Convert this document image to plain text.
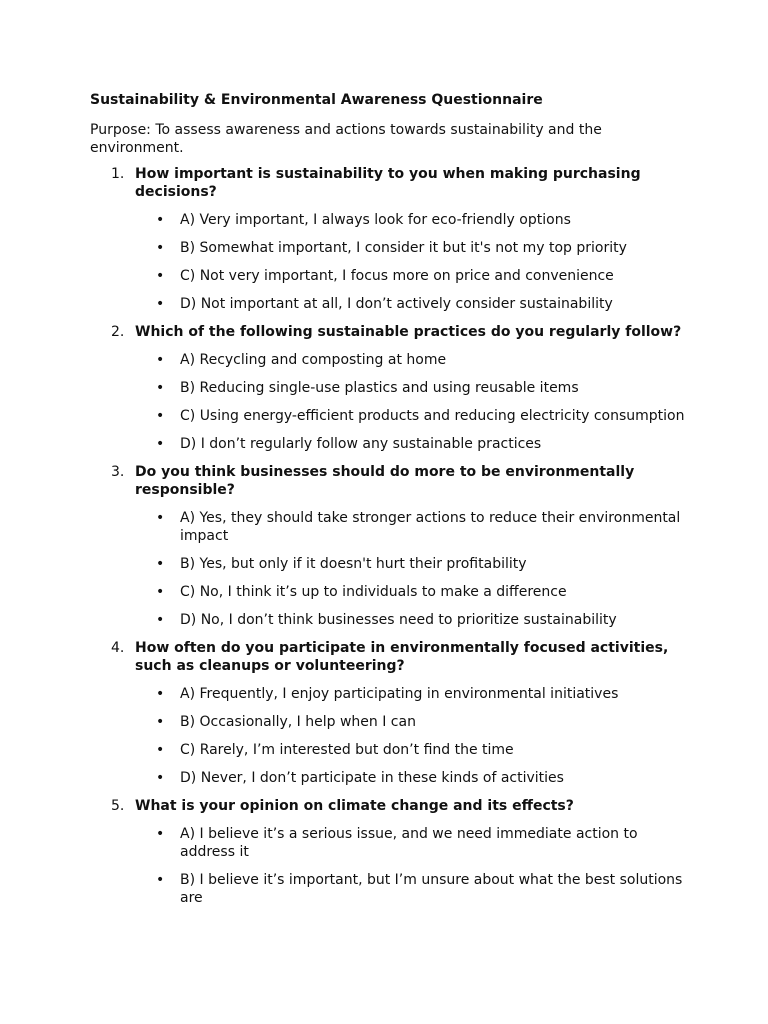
Sustainability & Environmental Awareness Questionnaire
Purpose: To assess awareness and actions towards sustainability and the environment.
1. How important is sustainability to you when making purchasing decisions?
• A) Very important, I always look for eco-friendly options
• B) Somewhat important, I consider it but it's not my top priority
• C) Not very important, I focus more on price and convenience
• D) Not important at all, I don’t actively consider sustainability
2. Which of the following sustainable practices do you regularly follow?
• A) Recycling and composting at home
• B) Reducing single-use plastics and using reusable items
• C) Using energy-efficient products and reducing electricity consumption
• D) I don’t regularly follow any sustainable practices
3. Do you think businesses should do more to be environmentally responsible?
• A) Yes, they should take stronger actions to reduce their environmental impact
• B) Yes, but only if it doesn't hurt their profitability
• C) No, I think it’s up to individuals to make a difference
• D) No, I don’t think businesses need to prioritize sustainability
4. How often do you participate in environmentally focused activities, such as cleanups or volunteering?
• A) Frequently, I enjoy participating in environmental initiatives
• B) Occasionally, I help when I can
• C) Rarely, I’m interested but don’t find the time
• D) Never, I don’t participate in these kinds of activities
5. What is your opinion on climate change and its effects?
• A) I believe it’s a serious issue, and we need immediate action to address it
• B) I believe it’s important, but I’m unsure about what the best solutions are
